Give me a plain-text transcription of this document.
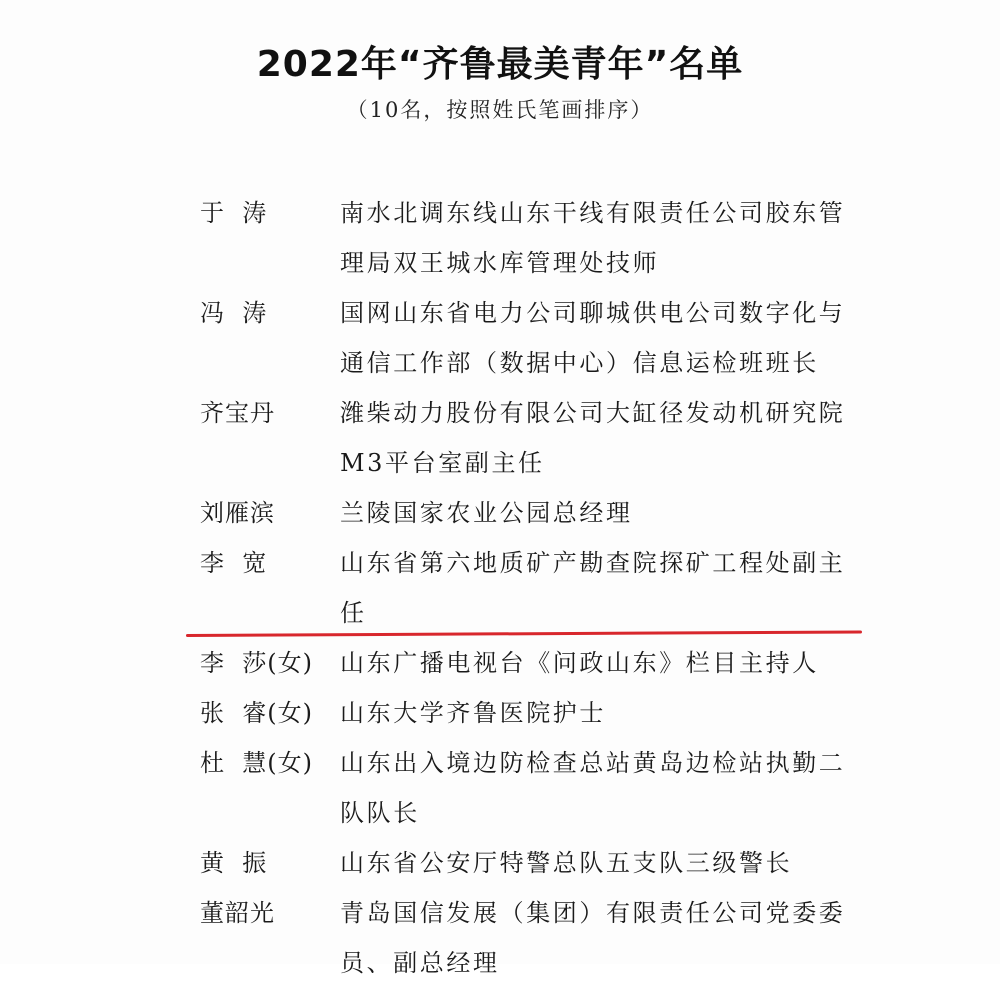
2022年“齐鲁最美青年”名单
（10名，按照姓氏笔画排序）
于  涛	南水北调东线山东干线有限责任公司胶东管理局双王城水库管理处技师
冯  涛	国网山东省电力公司聊城供电公司数字化与通信工作部（数据中心）信息运检班班长
齐宝丹	潍柴动力股份有限公司大缸径发动机研究院M3平台室副主任
刘雁滨	兰陵国家农业公园总经理
李  宽	山东省第六地质矿产勘查院探矿工程处副主任
李  莎(女)	山东广播电视台《问政山东》栏目主持人
张  睿(女)	山东大学齐鲁医院护士
杜  慧(女)	山东出入境边防检查总站黄岛边检站执勤二队队长
黄  振	山东省公安厅特警总队五支队三级警长
董韶光	青岛国信发展（集团）有限责任公司党委委员、副总经理
